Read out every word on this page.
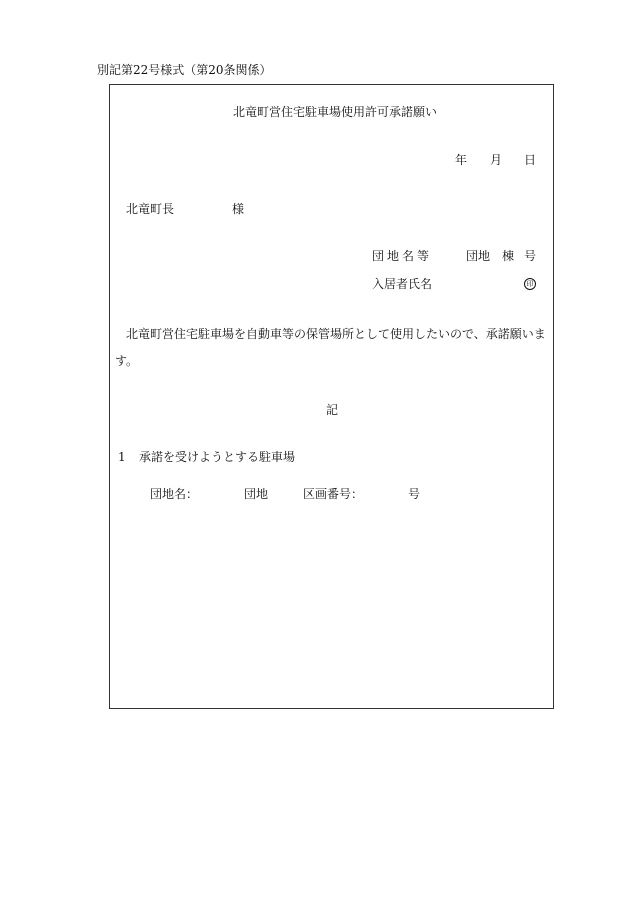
別記第22号様式（第20条関係）
北竜町営住宅駐車場使用許可承諾願い
年 月 日
北竜町長	様
団地名等	団地 棟 号
入居者氏名	印
北竜町営住宅駐車場を自動車等の保管場所として使用したいので、承諾願いま
す。
記
1 承諾を受けようとする駐車場
団地名：	団地	区画番号：	号
